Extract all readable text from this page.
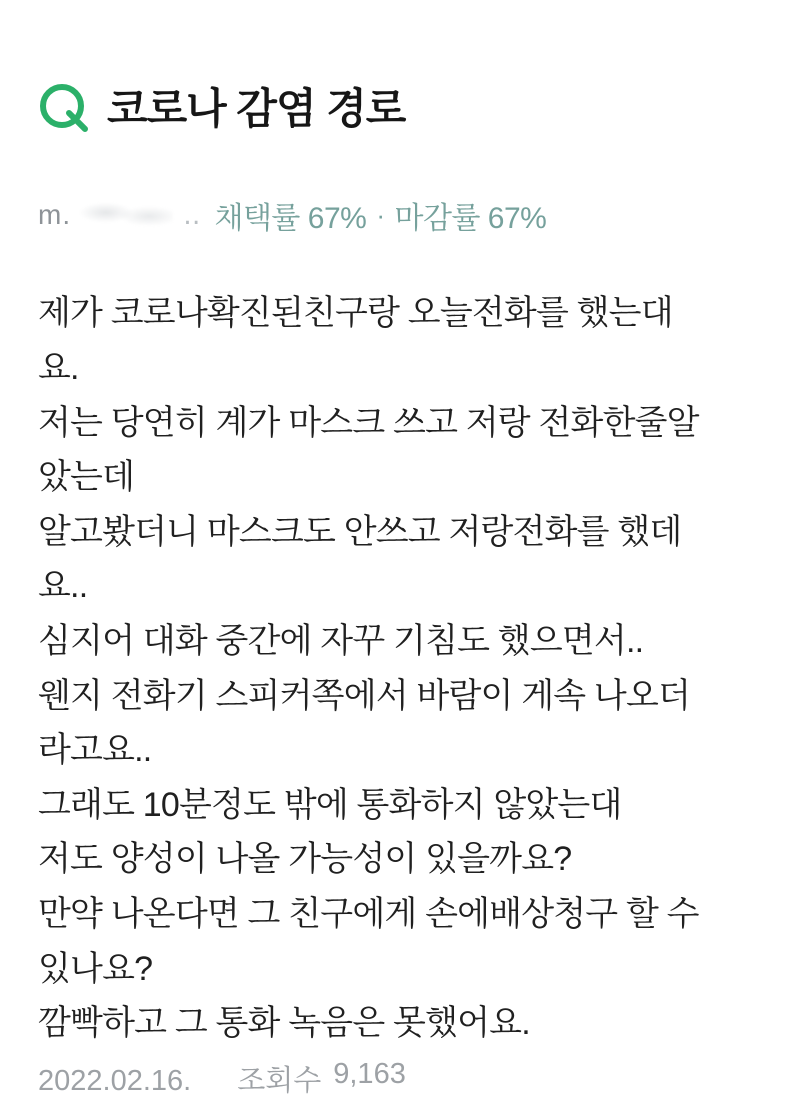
코로나 감염 경로
m.	‥ 채택률 67% · 마감률 67%
제가 코로나확진된친구랑 오늘전화를 했는대
요.
저는 당연히 계가 마스크 쓰고 저랑 전화한줄알
았는데
알고봤더니 마스크도 안쓰고 저랑전화를 했데
요..
심지어 대화 중간에 자꾸 기침도 했으면서..
웬지 전화기 스피커쪽에서 바람이 게속 나오더
라고요..
그래도 10분정도 밖에 통화하지 않았는대
저도 양성이 나올 가능성이 있을까요?
만약 나온다면 그 친구에게 손에배상청구 할 수
있나요?
깜빡하고 그 통화 녹음은 못했어요.
2022.02.16. 조회수 9,163
